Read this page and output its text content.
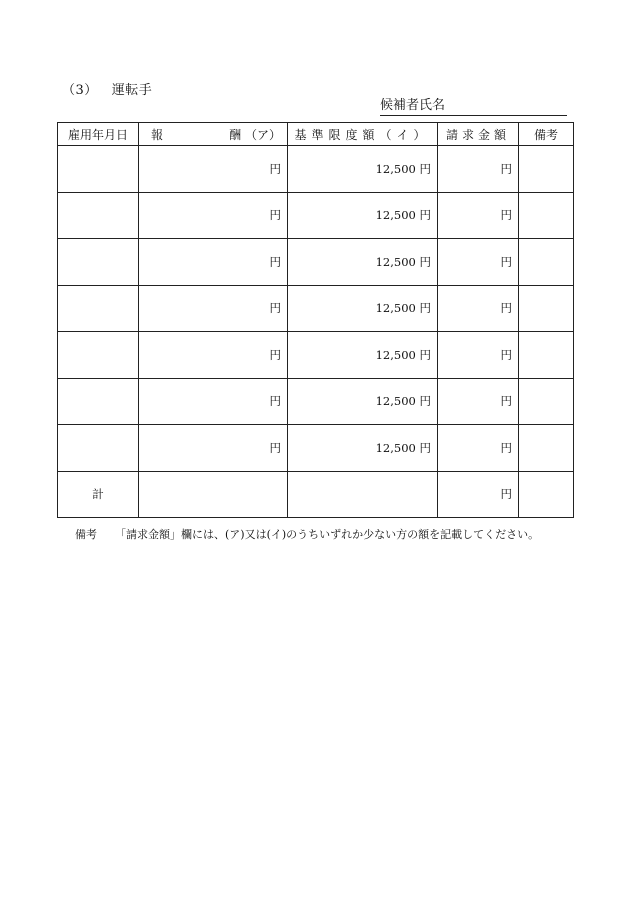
（3） 運転手
候補者氏名
雇用年月日	報 酬 （ア）	基準限度額（イ）	請求金額	備考
	円	12,500 円	円	
	円	12,500 円	円	
	円	12,500 円	円	
	円	12,500 円	円	
	円	12,500 円	円	
	円	12,500 円	円	
	円	12,500 円	円	
計			円	
備考 「請求金額」欄には、(ア)又は(イ)のうちいずれか少ない方の額を記載してください。
